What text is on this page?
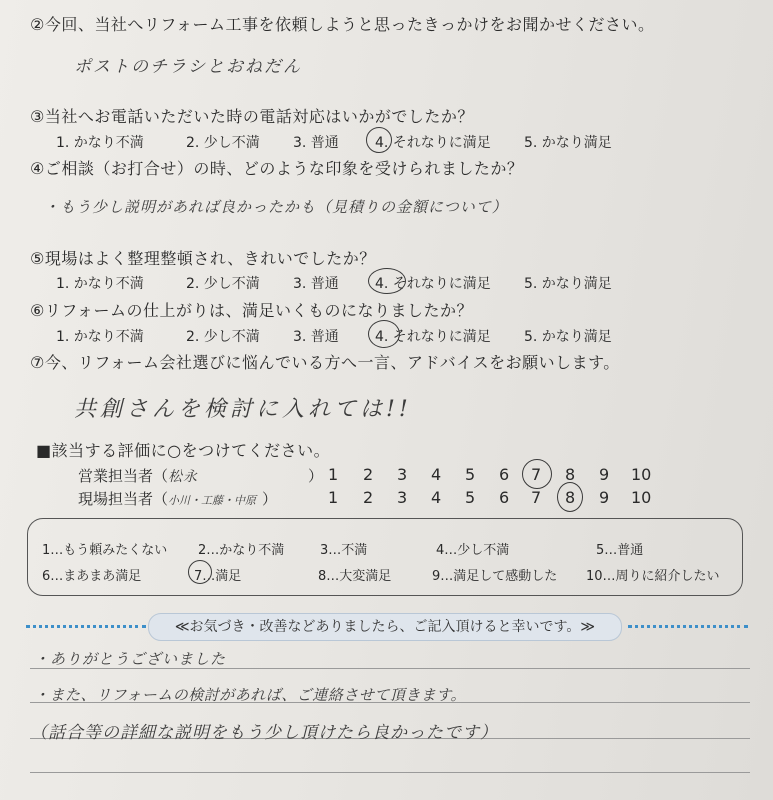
②今回、当社へリフォーム工事を依頼しようと思ったきっかけをお聞かせください。
ポストのチラシとおねだん
③当社へお電話いただいた時の電話対応はいかがでしたか？
1. かなり不満	2. 少し不満 3. 普通	4. それなりに満足 5. かなり満足
④ご相談（お打合せ）の時、どのような印象を受けられましたか？
・もう少し説明があれば良かったかも（見積りの金額について）
⑤現場はよく整理整頓され、きれいでしたか？
1. かなり不満	2. 少し不満 3. 普通	4. それなりに満足 5. かなり満足
⑥リフォームの仕上がりは、満足いくものになりましたか？
1. かなり不満	2. 少し不満 3. 普通	4. それなりに満足 5. かなり満足
⑦今、リフォーム会社選びに悩んでいる方へ一言、アドバイスをお願いします。
共創さんを検討に入れては!!
■該当する評価に○をつけてください。
営業担当者（松永	） 1 2 3 4 5 6 7 8 9 10
現場担当者（小川・工藤・中原 ）	1 2 3 4 5 6 7 8 9 10
1…もう頼みたくない 2…かなり不満	3…不満	4…少し不満	5…普通
6…まあまあ満足	7…満足	8…大変満足	9…満足して感動した 10…周りに紹介したい
≪お気づき・改善などありましたら、ご記入頂けると幸いです。≫
・ありがとうございました
・また、リフォームの検討があれば、ご連絡させて頂きます。
（話合等の詳細な説明をもう少し頂けたら良かったです）
